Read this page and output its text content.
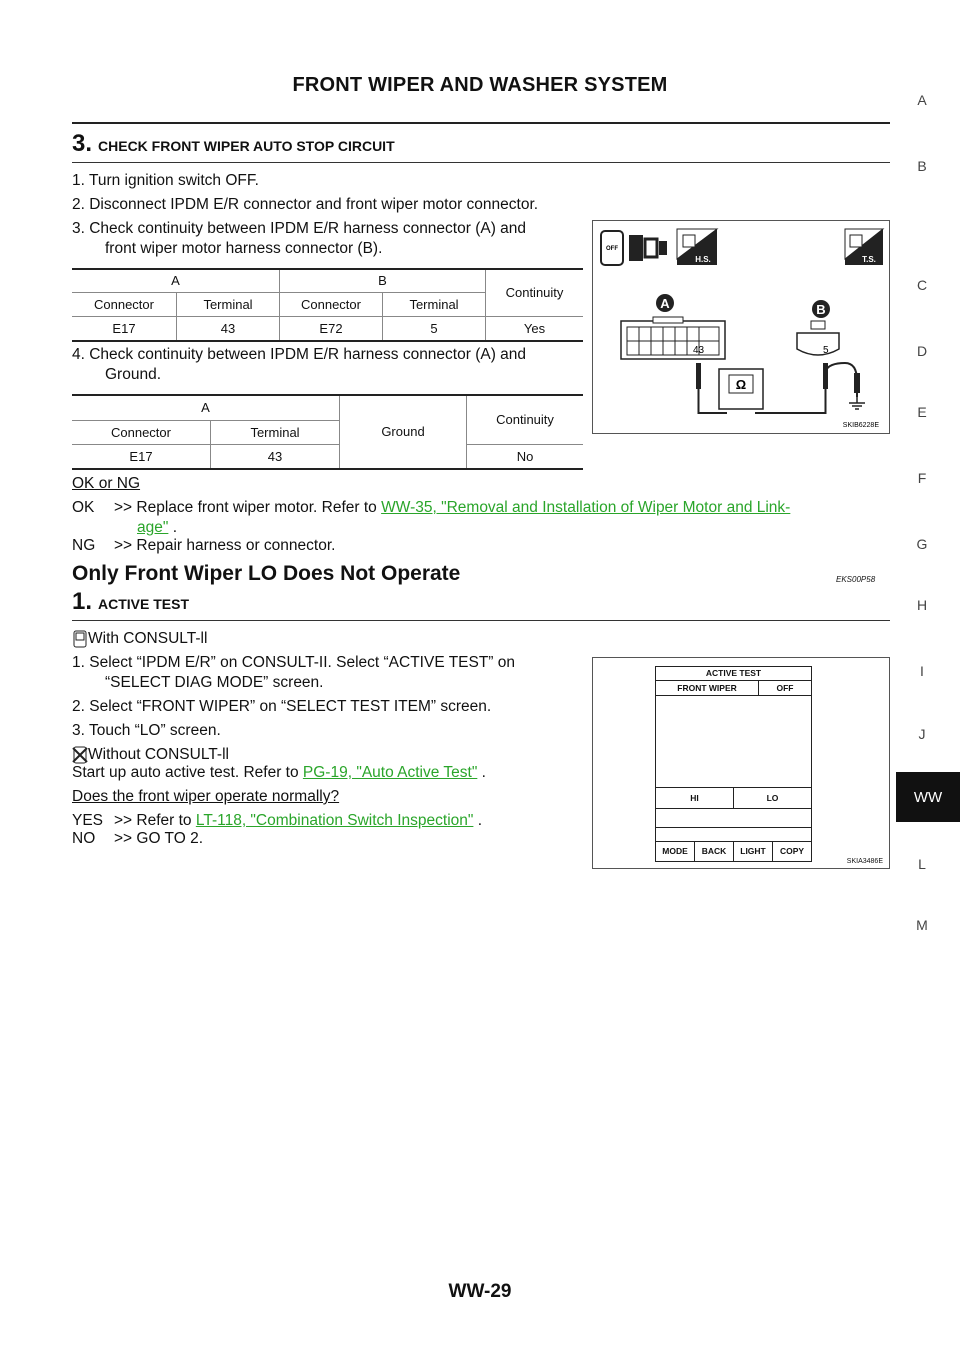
FRONT WIPER AND WASHER SYSTEM
3. CHECK FRONT WIPER AUTO STOP CIRCUIT
1. Turn ignition switch OFF.
2. Disconnect IPDM E/R connector and front wiper motor connector.
3. Check continuity between IPDM E/R harness connector (A) and
front wiper motor harness connector (B).
A		B		Continuity
Connector	Terminal	Connector	Terminal	
E17	43	E72	5	Yes
4. Check continuity between IPDM E/R harness connector (A) and
Ground.
A		Ground	Continuity
Connector	Terminal		
E17	43		No
OK or NG
OK >> Replace front wiper motor. Refer to WW-35, "Removal and Installation of Wiper Motor and Link-
age" .
NG >> Repair harness or connector.
OFF
H.S.	T.S.
A
43
B
5
Ω
SKIB6228E
Only Front Wiper LO Does Not Operate	EKS00P58
1. ACTIVE TEST
With CONSULT-ll
1. Select “IPDM E/R” on CONSULT-II. Select “ACTIVE TEST” on
“SELECT DIAG MODE” screen.
2. Select “FRONT WIPER” on “SELECT TEST ITEM” screen.
3. Touch “LO” screen.
Without CONSULT-ll
Start up auto active test. Refer to PG-19, "Auto Active Test" .
Does the front wiper operate normally?
YES >> Refer to LT-118, "Combination Switch Inspection" .
NO >> GO TO 2.
ACTIVE TEST
FRONT WIPER	OFF
HI	LO
MODE	BACK	LIGHT	COPY
SKIA3486E
A
B
C
D
E
F
G
H
I
J
WW
L
M
WW-29
